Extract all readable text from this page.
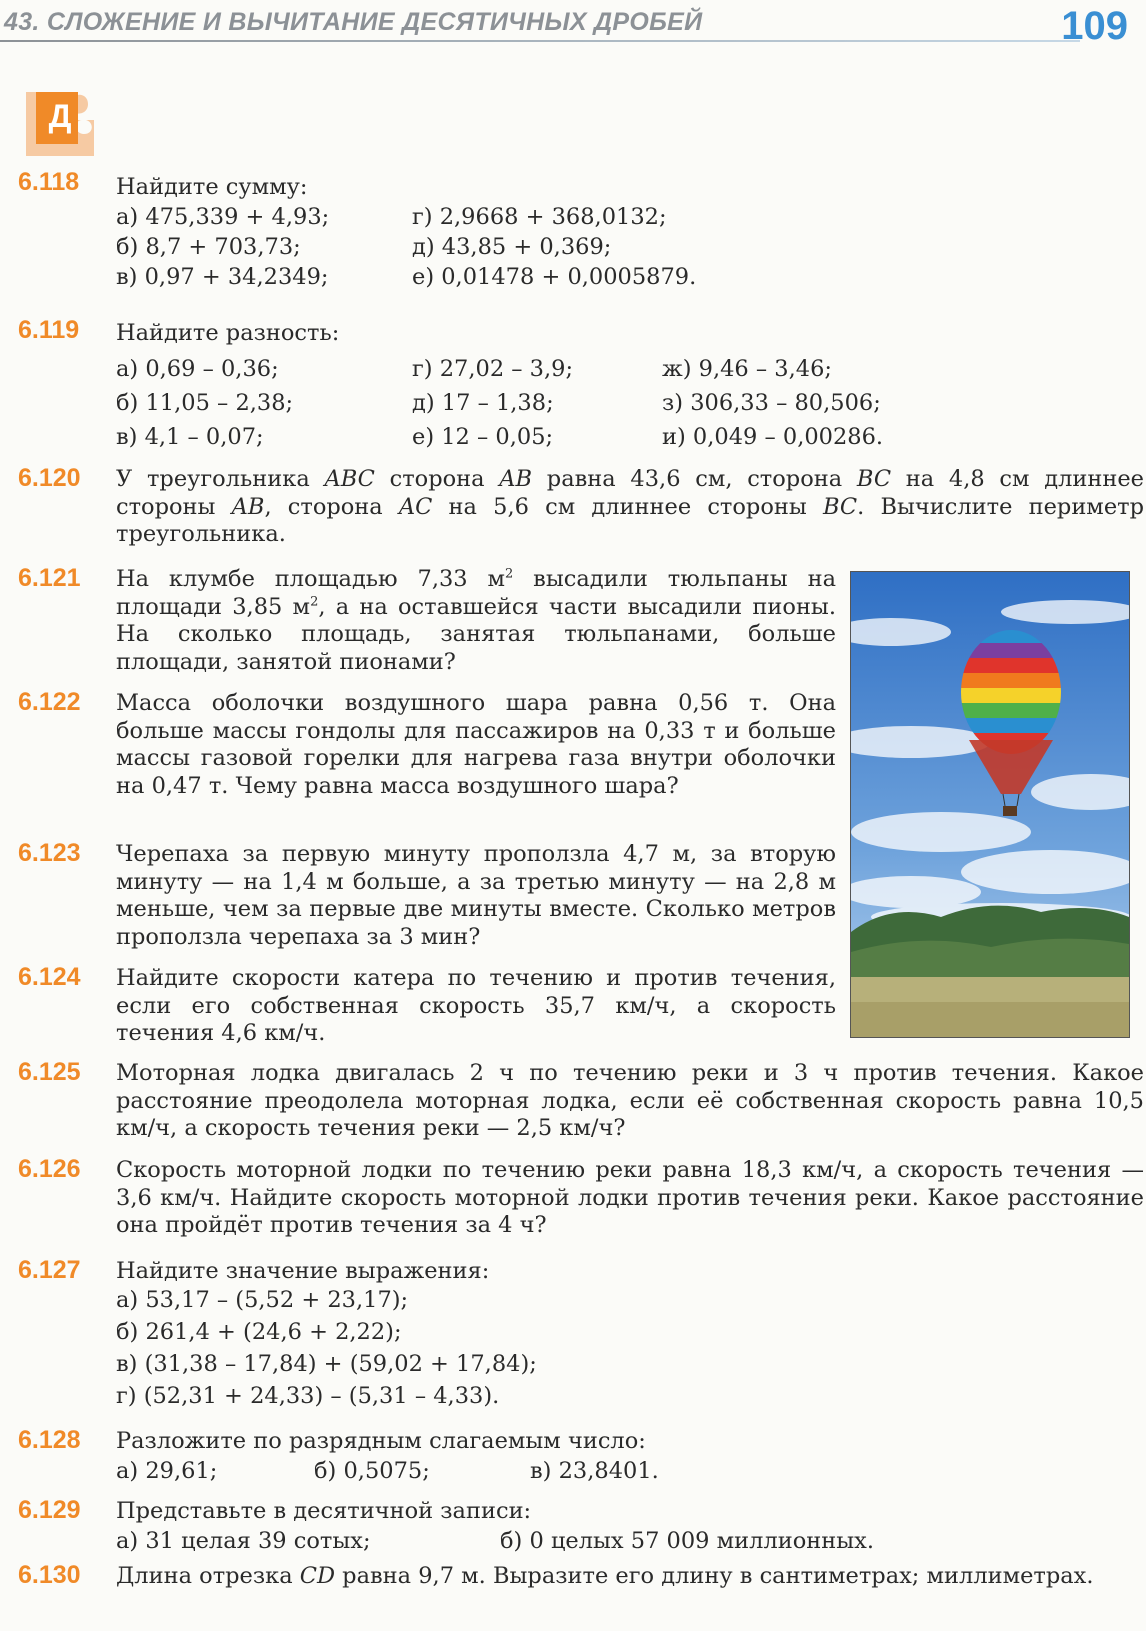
43. СЛОЖЕНИЕ И ВЫЧИТАНИЕ ДЕСЯТИЧНЫХ ДРОБЕЙ	109
Д
6.118 Найдите сумму:
а) 475,339 + 4,93;	г) 2,9668 + 368,0132;
б) 8,7 + 703,73;	д) 43,85 + 0,369;
в) 0,97 + 34,2349;	е) 0,01478 + 0,0005879.
6.119 Найдите разность:
а) 0,69 – 0,36;	г) 27,02 – 3,9;	ж) 9,46 – 3,46;
б) 11,05 – 2,38;	д) 17 – 1,38;	з) 306,33 – 80,506;
в) 4,1 – 0,07;	е) 12 – 0,05;	и) 0,049 – 0,00286.
6.120 У треугольника ABC сторона AB равна 43,6 см, сторона BC на 4,8 см длиннее стороны AB, сторона AC на 5,6 см длиннее стороны BC. Вычислите периметр треугольника.
6.121 На клумбе площадью 7,33 $м^2$ высадили тюльпаны на площади 3,85 $м^2$, а на оставшейся части высадили пионы. На сколько площадь, занятая тюльпанами, больше площади, занятой пионами?
6.122 Масса оболочки воздушного шара равна 0,56 т. Она больше массы гондолы для пассажиров на 0,33 т и больше массы газовой горелки для нагрева газа внутри оболочки на 0,47 т. Чему равна масса воздушного шара?
6.123 Черепаха за первую минуту проползла 4,7 м, за вторую минуту — на 1,4 м больше, а за третью минуту — на 2,8 м меньше, чем за первые две минуты вместе. Сколько метров проползла черепаха за 3 мин?
6.124 Найдите скорости катера по течению и против течения, если его собственная скорость 35,7 км/ч, а скорость течения 4,6 км/ч.
6.125 Моторная лодка двигалась 2 ч по течению реки и 3 ч против течения. Какое расстояние преодолела моторная лодка, если её собственная скорость равна 10,5 км/ч, а скорость течения реки — 2,5 км/ч?
6.126 Скорость моторной лодки по течению реки равна 18,3 км/ч, а скорость течения — 3,6 км/ч. Найдите скорость моторной лодки против течения реки. Какое расстояние она пройдёт против течения за 4 ч?
6.127 Найдите значение выражения:
а) 53,17 – (5,52 + 23,17);
б) 261,4 + (24,6 + 2,22);
в) (31,38 – 17,84) + (59,02 + 17,84);
г) (52,31 + 24,33) – (5,31 – 4,33).
6.128 Разложите по разрядным слагаемым число:
а) 29,61;	б) 0,5075;	в) 23,8401.
6.129 Представьте в десятичной записи:
а) 31 целая 39 сотых;	б) 0 целых 57 009 миллионных.
6.130 Длина отрезка CD равна 9,7 м. Выразите его длину в сантиметрах; миллиметрах.
